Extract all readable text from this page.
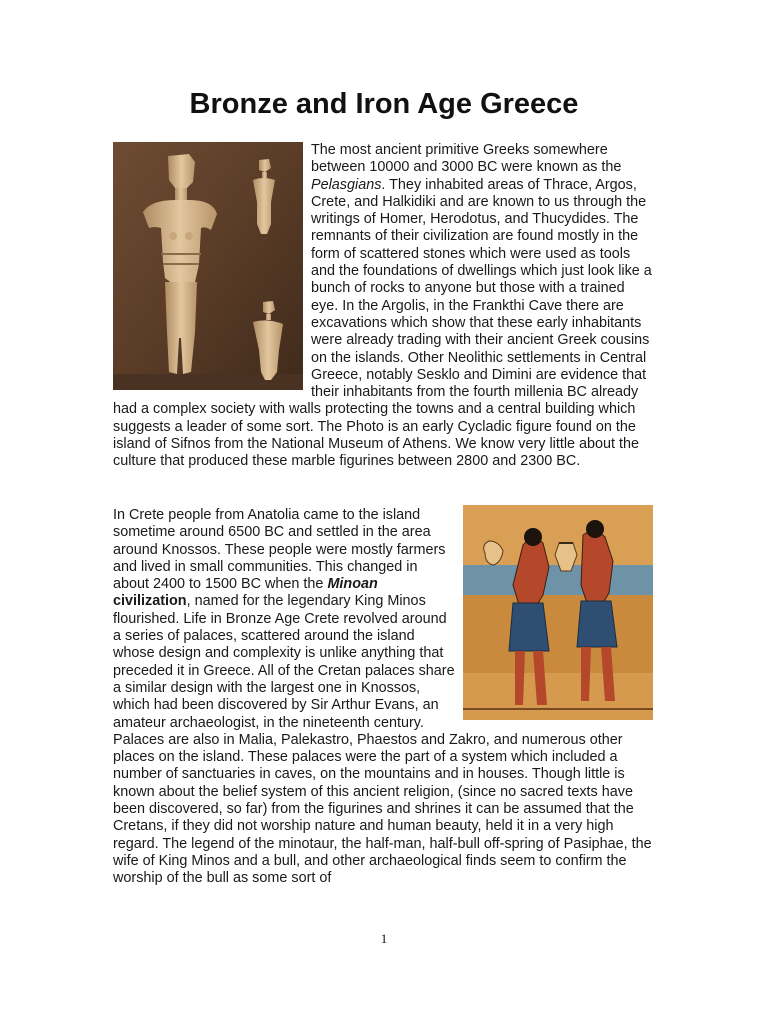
Bronze and Iron Age Greece

The most ancient primitive Greeks somewhere between 10000 and 3000 BC were known as the Pelasgians. They inhabited areas of Thrace, Argos, Crete, and Halkidiki and are known to us through the writings of Homer, Herodotus, and Thucydides. The remnants of their civilization are found mostly in the form of scattered stones which were used as tools and the foundations of dwellings which just look like a bunch of rocks to anyone but those with a trained eye. In the Argolis, in the Frankthi Cave there are excavations which show that these early inhabitants were already trading with their ancient Greek cousins on the islands. Other Neolithic settlements in Central Greece, notably Sesklo and Dimini are evidence that their inhabitants from the fourth millenia BC already had a complex society with walls protecting the towns and a central building which suggests a leader of some sort. The Photo is an early Cycladic figure found on the island of Sifnos from the National Museum of Athens. We know very little about the culture that produced these marble figurines between 2800 and 2300 BC.

In Crete people from Anatolia came to the island sometime around 6500 BC and settled in the area around Knossos. These people were mostly farmers and lived in small communities. This changed in about 2400 to 1500 BC when the Minoan civilization, named for the legendary King Minos flourished. Life in Bronze Age Crete revolved around a series of palaces, scattered around the island whose design and complexity is unlike anything that preceded it in Greece. All of the Cretan palaces share a similar design with the largest one in Knossos, which had been discovered by Sir Arthur Evans, an amateur archaeologist, in the nineteenth century. Palaces are also in Malia, Palekastro, Phaestos and Zakro, and numerous other places on the island. These palaces were the part of a system which included a number of sanctuaries in caves, on the mountains and in houses. Though little is known about the belief system of this ancient religion, (since no sacred texts have been discovered, so far) from the figurines and shrines it can be assumed that the Cretans, if they did not worship nature and human beauty, held it in a very high regard. The legend of the minotaur, the half-man, half-bull off-spring of Pasiphae, the wife of King Minos and a bull, and other archaeological finds seem to confirm the worship of the bull as some sort of

1
